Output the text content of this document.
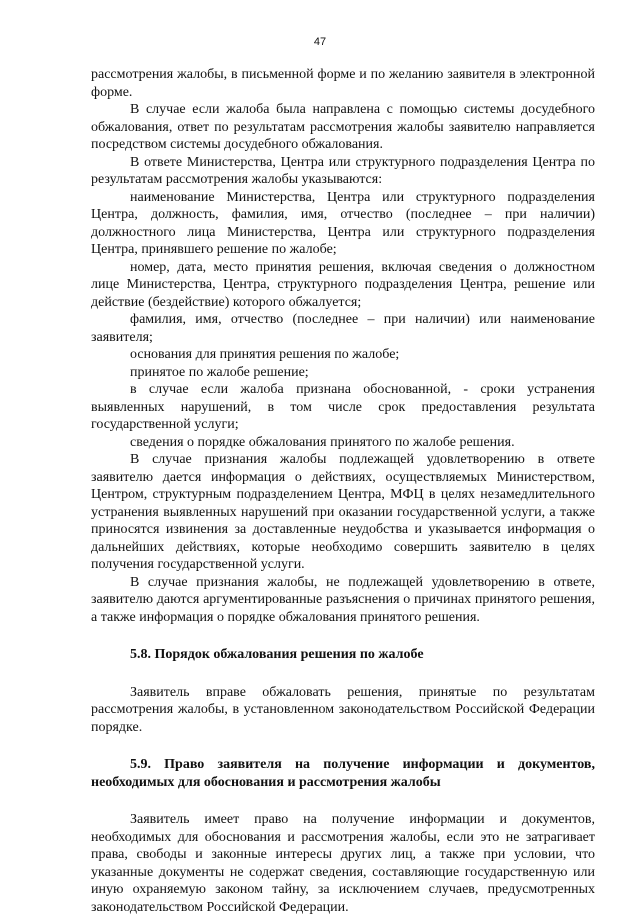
47

рассмотрения жалобы, в письменной форме и по желанию заявителя в электронной форме.

В случае если жалоба была направлена с помощью системы досудебного обжалования, ответ по результатам рассмотрения жалобы заявителю направляется посредством системы досудебного обжалования.

В ответе Министерства, Центра или структурного подразделения Центра по результатам рассмотрения жалобы указываются:

наименование Министерства, Центра или структурного подразделения Центра, должность, фамилия, имя, отчество (последнее – при наличии) должностного лица Министерства, Центра или структурного подразделения Центра, принявшего решение по жалобе;

номер, дата, место принятия решения, включая сведения о должностном лице Министерства, Центра, структурного подразделения Центра, решение или действие (бездействие) которого обжалуется;

фамилия, имя, отчество (последнее – при наличии) или наименование заявителя;

основания для принятия решения по жалобе;

принятое по жалобе решение;

в случае если жалоба признана обоснованной, - сроки устранения выявленных нарушений, в том числе срок предоставления результата государственной услуги;

сведения о порядке обжалования принятого по жалобе решения.

В случае признания жалобы подлежащей удовлетворению в ответе заявителю дается информация о действиях, осуществляемых Министерством, Центром, структурным подразделением Центра, МФЦ в целях незамедлительного устранения выявленных нарушений при оказании государственной услуги, а также приносятся извинения за доставленные неудобства и указывается информация о дальнейших действиях, которые необходимо совершить заявителю в целях получения государственной услуги.

В случае признания жалобы, не подлежащей удовлетворению в ответе, заявителю даются аргументированные разъяснения о причинах принятого решения, а также информация о порядке обжалования принятого решения.

5.8. Порядок обжалования решения по жалобе

Заявитель вправе обжаловать решения, принятые по результатам рассмотрения жалобы, в установленном законодательством Российской Федерации порядке.

5.9. Право заявителя на получение информации и документов, необходимых для обоснования и рассмотрения жалобы

Заявитель имеет право на получение информации и документов, необходимых для обоснования и рассмотрения жалобы, если это не затрагивает права, свободы и законные интересы других лиц, а также при условии, что указанные документы не содержат сведения, составляющие государственную или иную охраняемую законом тайну, за исключением случаев, предусмотренных законодательством Российской Федерации.
